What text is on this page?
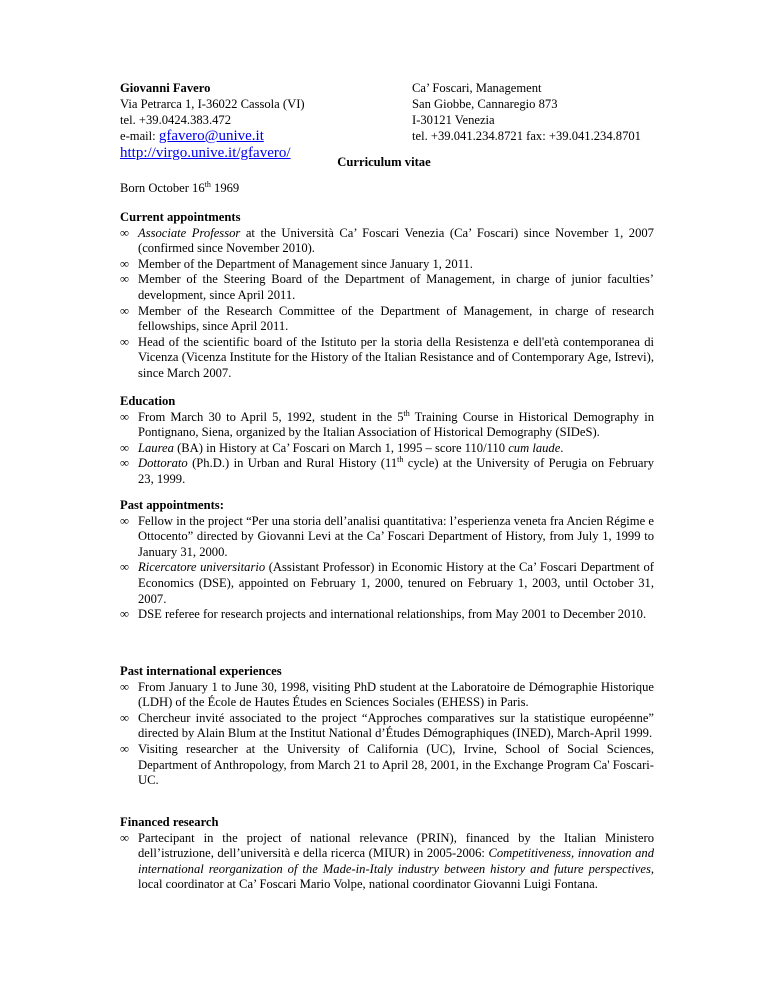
Giovanni Favero
Via Petrarca 1, I-36022 Cassola (VI)
tel. +39.0424.383.472
e-mail: gfavero@unive.it
http://virgo.unive.it/gfavero/
Ca’ Foscari, Management
San Giobbe, Cannaregio 873
I-30121 Venezia
tel. +39.041.234.8721 fax: +39.041.234.8701
Curriculum vitae
Born October 16th 1969
Current appointments
∞ Associate Professor at the Università Ca’ Foscari Venezia (Ca’ Foscari) since November 1, 2007 (confirmed since November 2010).
∞ Member of the Department of Management since January 1, 2011.
∞ Member of the Steering Board of the Department of Management, in charge of junior faculties’ development, since April 2011.
∞ Member of the Research Committee of the Department of Management, in charge of research fellowships, since April 2011.
∞ Head of the scientific board of the Istituto per la storia della Resistenza e dell'età contemporanea di Vicenza (Vicenza Institute for the History of the Italian Resistance and of Contemporary Age, Istrevi), since March 2007.
Education
∞ From March 30 to April 5, 1992, student in the 5th Training Course in Historical Demography in Pontignano, Siena, organized by the Italian Association of Historical Demography (SIDeS).
∞ Laurea (BA) in History at Ca’ Foscari on March 1, 1995 – score 110/110 cum laude.
∞ Dottorato (Ph.D.) in Urban and Rural History (11th cycle) at the University of Perugia on February 23, 1999.
Past appointments:
∞ Fellow in the project “Per una storia dell’analisi quantitativa: l’esperienza veneta fra Ancien Régime e Ottocento” directed by Giovanni Levi at the Ca’ Foscari Department of History, from July 1, 1999 to January 31, 2000.
∞ Ricercatore universitario (Assistant Professor) in Economic History at the Ca’ Foscari Department of Economics (DSE), appointed on February 1, 2000, tenured on February 1, 2003, until October 31, 2007.
∞ DSE referee for research projects and international relationships, from May 2001 to December 2010.
Past international experiences
∞ From January 1 to June 30, 1998, visiting PhD student at the Laboratoire de Démographie Historique (LDH) of the École de Hautes Études en Sciences Sociales (EHESS) in Paris.
∞ Chercheur invité associated to the project “Approches comparatives sur la statistique européenne” directed by Alain Blum at the Institut National d’Études Démographiques (INED), March-April 1999.
∞ Visiting researcher at the University of California (UC), Irvine, School of Social Sciences, Department of Anthropology, from March 21 to April 28, 2001, in the Exchange Program Ca' Foscari-UC.
Financed research
∞ Partecipant in the project of national relevance (PRIN), financed by the Italian Ministero dell’istruzione, dell’università e della ricerca (MIUR) in 2005-2006: Competitiveness, innovation and international reorganization of the Made-in-Italy industry between history and future perspectives, local coordinator at Ca’ Foscari Mario Volpe, national coordinator Giovanni Luigi Fontana.
